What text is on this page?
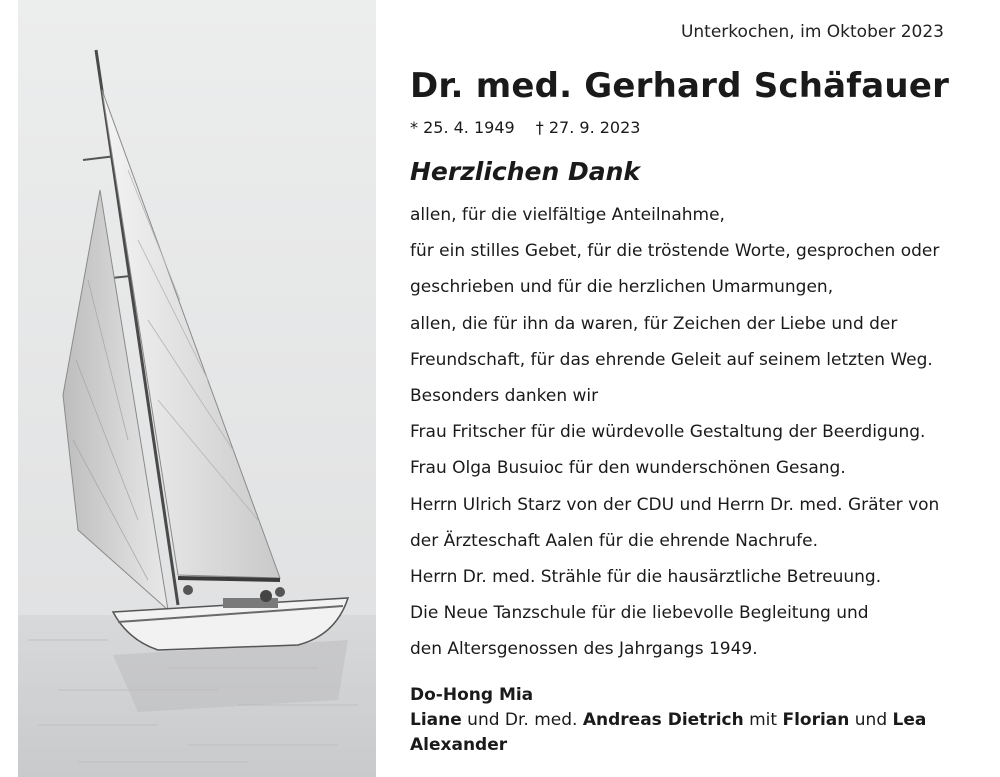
Unterkochen, im Oktober 2023
Dr. med. Gerhard Schäfauer
* 25. 4. 1949 † 27. 9. 2023
Herzlichen Dank
allen, für die vielfältige Anteilnahme,
für ein stilles Gebet, für die tröstende Worte, gesprochen oder
geschrieben und für die herzlichen Umarmungen,
allen, die für ihn da waren, für Zeichen der Liebe und der
Freundschaft, für das ehrende Geleit auf seinem letzten Weg.
Besonders danken wir
Frau Fritscher für die würdevolle Gestaltung der Beerdigung.
Frau Olga Busuioc für den wunderschönen Gesang.
Herrn Ulrich Starz von der CDU und Herrn Dr. med. Gräter von
der Ärzteschaft Aalen für die ehrende Nachrufe.
Herrn Dr. med. Strähle für die hausärztliche Betreuung.
Die Neue Tanzschule für die liebevolle Begleitung und
den Altersgenossen des Jahrgangs 1949.
Do-Hong Mia
Liane und Dr. med. Andreas Dietrich mit Florian und Lea
Alexander
